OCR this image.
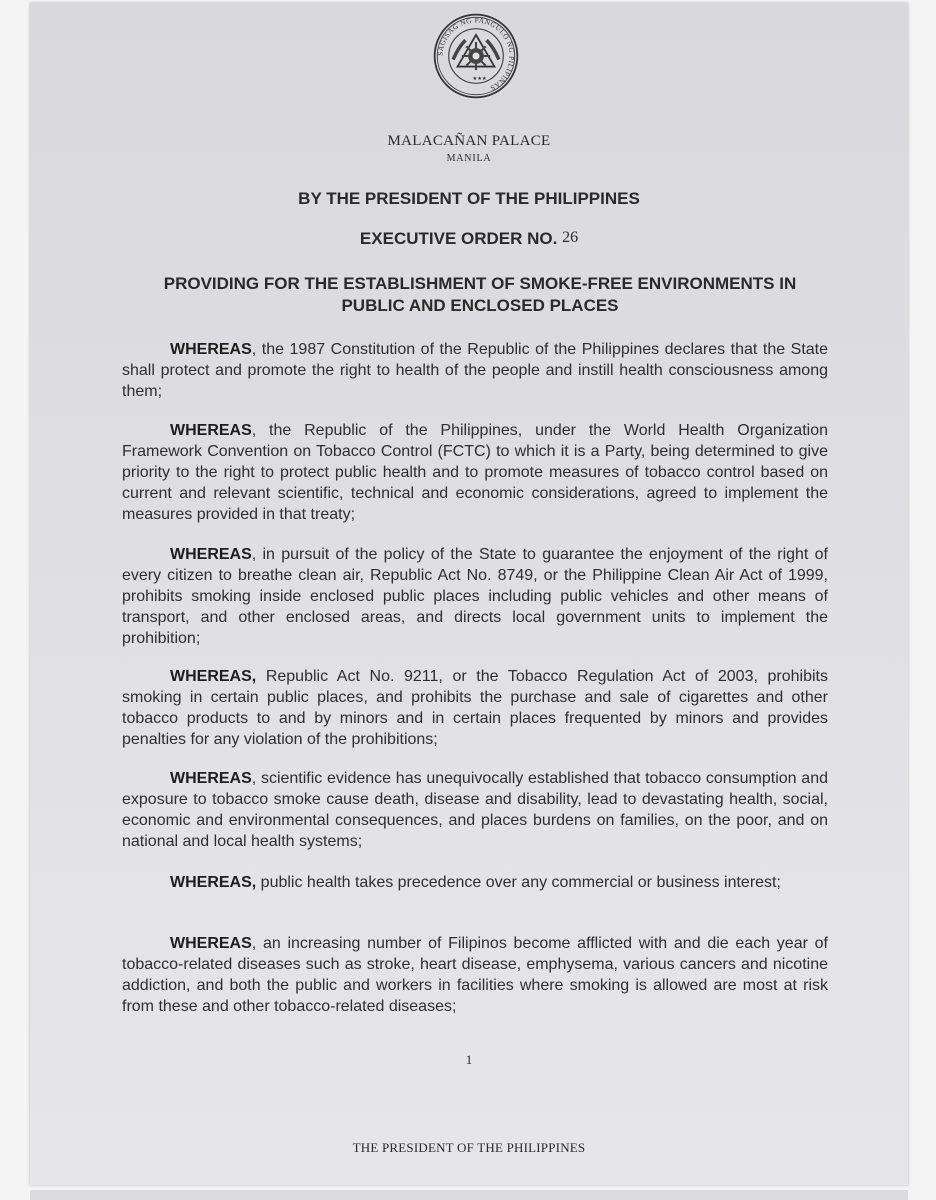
SAGISAG NG PANGULO NG PILIPINAS
★★★
MALACAÑAN PALACE
MANILA
BY THE PRESIDENT OF THE PHILIPPINES
EXECUTIVE ORDER NO. 26
PROVIDING FOR THE ESTABLISHMENT OF SMOKE-FREE ENVIRONMENTS IN
PUBLIC AND ENCLOSED PLACES

WHEREAS, the 1987 Constitution of the Republic of the Philippines declares that the State shall protect and promote the right to health of the people and instill health consciousness among them;

WHEREAS, the Republic of the Philippines, under the World Health Organization Framework Convention on Tobacco Control (FCTC) to which it is a Party, being determined to give priority to the right to protect public health and to promote measures of tobacco control based on current and relevant scientific, technical and economic considerations, agreed to implement the measures provided in that treaty;

WHEREAS, in pursuit of the policy of the State to guarantee the enjoyment of the right of every citizen to breathe clean air, Republic Act No. 8749, or the Philippine Clean Air Act of 1999, prohibits smoking inside enclosed public places including public vehicles and other means of transport, and other enclosed areas, and directs local government units to implement the prohibition;

WHEREAS, Republic Act No. 9211, or the Tobacco Regulation Act of 2003, prohibits smoking in certain public places, and prohibits the purchase and sale of cigarettes and other tobacco products to and by minors and in certain places frequented by minors and provides penalties for any violation of the prohibitions;

WHEREAS, scientific evidence has unequivocally established that tobacco consumption and exposure to tobacco smoke cause death, disease and disability, lead to devastating health, social, economic and environmental consequences, and places burdens on families, on the poor, and on national and local health systems;

WHEREAS, public health takes precedence over any commercial or business interest;

WHEREAS, an increasing number of Filipinos become afflicted with and die each year of tobacco-related diseases such as stroke, heart disease, emphysema, various cancers and nicotine addiction, and both the public and workers in facilities where smoking is allowed are most at risk from these and other tobacco-related diseases;

1
THE PRESIDENT OF THE PHILIPPINES
